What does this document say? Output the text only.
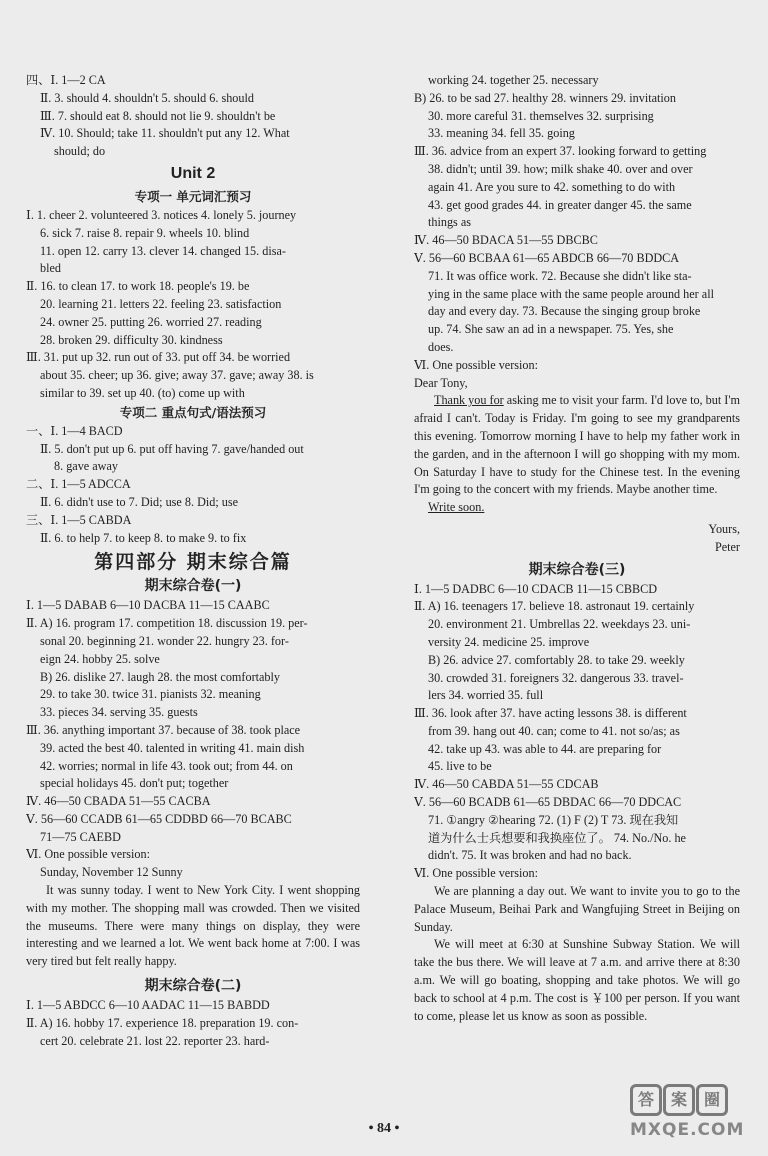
四、Ⅰ. 1—2 CA
Ⅱ. 3. should 4. shouldn't 5. should 6. should
Ⅲ. 7. should eat 8. should not lie 9. shouldn't be
Ⅳ. 10. Should; take 11. shouldn't put any 12. What
should; do
Unit 2
专项一 单元词汇预习
Ⅰ. 1. cheer 2. volunteered 3. notices 4. lonely 5. journey
6. sick 7. raise 8. repair 9. wheels 10. blind
11. open 12. carry 13. clever 14. changed 15. disa-
bled
Ⅱ. 16. to clean 17. to work 18. people's 19. be
20. learning 21. letters 22. feeling 23. satisfaction
24. owner 25. putting 26. worried 27. reading
28. broken 29. difficulty 30. kindness
Ⅲ. 31. put up 32. run out of 33. put off 34. be worried
about 35. cheer; up 36. give; away 37. gave; away 38. is
similar to 39. set up 40. (to) come up with
专项二 重点句式/语法预习
一、Ⅰ. 1—4 BACD
Ⅱ. 5. don't put up 6. put off having 7. gave/handed out
8. gave away
二、Ⅰ. 1—5 ADCCA
Ⅱ. 6. didn't use to 7. Did; use 8. Did; use
三、Ⅰ. 1—5 CABDA
Ⅱ. 6. to help 7. to keep 8. to make 9. to fix
第四部分 期末综合篇
期末综合卷(一)
Ⅰ. 1—5 DABAB 6—10 DACBA 11—15 CAABC
Ⅱ. A) 16. program 17. competition 18. discussion 19. per-
sonal 20. beginning 21. wonder 22. hungry 23. for-
eign 24. hobby 25. solve
B) 26. dislike 27. laugh 28. the most comfortably
29. to take 30. twice 31. pianists 32. meaning
33. pieces 34. serving 35. guests
Ⅲ. 36. anything important 37. because of 38. took place
39. acted the best 40. talented in writing 41. main dish
42. worries; normal in life 43. took out; from 44. on
special holidays 45. don't put; together
Ⅳ. 46—50 CBADA 51—55 CACBA
Ⅴ. 56—60 CCADB 61—65 CDDBD 66—70 BCABC
71—75 CAEBD
Ⅵ. One possible version:
Sunday, November 12 Sunny

It was sunny today. I went to New York City. I went shopping with my mother. The shopping mall was crowded. Then we visited the museums. There were many things on display, they were interesting and we learned a lot. We went back home at 7:00. I was very tired but felt really happy.

期末综合卷(二)
Ⅰ. 1—5 ABDCC 6—10 AADAC 11—15 BABDD
Ⅱ. A) 16. hobby 17. experience 18. preparation 19. con-
cert 20. celebrate 21. lost 22. reporter 23. hard-
working 24. together 25. necessary
B) 26. to be sad 27. healthy 28. winners 29. invitation
30. more careful 31. themselves 32. surprising
33. meaning 34. fell 35. going
Ⅲ. 36. advice from an expert 37. looking forward to getting
38. didn't; until 39. how; milk shake 40. over and over
again 41. Are you sure to 42. something to do with
43. get good grades 44. in greater danger 45. the same
things as
Ⅳ. 46—50 BDACA 51—55 DBCBC
Ⅴ. 56—60 BCBAA 61—65 ABDCB 66—70 BDDCA
71. It was office work. 72. Because she didn't like sta-
ying in the same place with the same people around her all
day and every day. 73. Because the singing group broke
up. 74. She saw an ad in a newspaper. 75. Yes, she
does.
Ⅵ. One possible version:
Dear Tony,

Thank you for asking me to visit your farm. I'd love to, but I'm afraid I can't. Today is Friday. I'm going to see my grandparents this evening. Tomorrow morning I have to help my father work in the garden, and in the afternoon I will go shopping with my mom. On Saturday I have to study for the Chinese test. In the evening I'm going to the concert with my friends. Maybe another time.

Write soon.
Yours,
Peter
期末综合卷(三)
Ⅰ. 1—5 DADBC 6—10 CDACB 11—15 CBBCD
Ⅱ. A) 16. teenagers 17. believe 18. astronaut 19. certainly
20. environment 21. Umbrellas 22. weekdays 23. uni-
versity 24. medicine 25. improve
B) 26. advice 27. comfortably 28. to take 29. weekly
30. crowded 31. foreigners 32. dangerous 33. travel-
lers 34. worried 35. full
Ⅲ. 36. look after 37. have acting lessons 38. is different
from 39. hang out 40. can; come to 41. not so/as; as
42. take up 43. was able to 44. are preparing for
45. live to be
Ⅳ. 46—50 CABDA 51—55 CDCAB
Ⅴ. 56—60 BCADB 61—65 DBDAC 66—70 DDCAC
71. ①angry ②hearing 72. (1) F (2) T 73. 现在我知
道为什么士兵想要和我换座位了。 74. No./No. he
didn't. 75. It was broken and had no back.
Ⅵ. One possible version:

We are planning a day out. We want to invite you to go to the Palace Museum, Beihai Park and Wangfujing Street in Beijing on Sunday.

We will meet at 6:30 at Sunshine Subway Station. We will take the bus there. We will leave at 7 a.m. and arrive there at 8:30 a.m. We will go boating, shopping and take photos. We will go back to school at 4 p.m. The cost is ￥100 per person. If you want to come, please let us know as soon as possible.

• 84 •
答 案 圈
MXQE.COM
